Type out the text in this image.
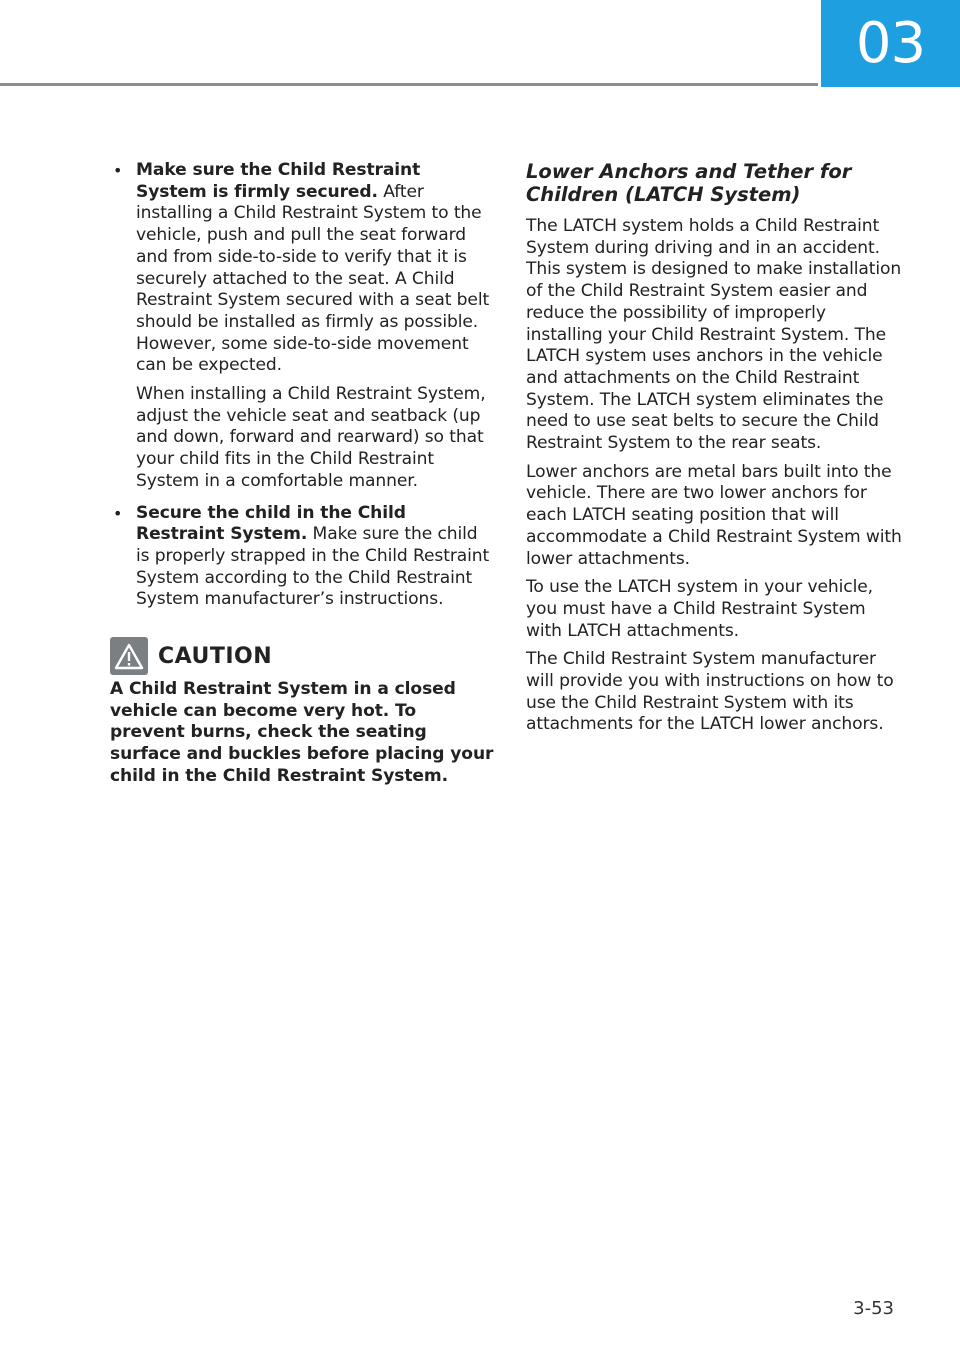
03
• Make sure the Child Restraint System is firmly secured. After installing a Child Restraint System to the vehicle, push and pull the seat forward and from side-to-side to verify that it is securely attached to the seat. A Child Restraint System secured with a seat belt should be installed as firmly as possible. However, some side-to-side movement can be expected.

When installing a Child Restraint System, adjust the vehicle seat and seatback (up and down, forward and rearward) so that your child fits in the Child Restraint System in a comfortable manner.

• Secure the child in the Child Restraint System. Make sure the child is properly strapped in the Child Restraint System according to the Child Restraint System manufacturer’s instructions.

CAUTION

A Child Restraint System in a closed vehicle can become very hot. To prevent burns, check the seating surface and buckles before placing your child in the Child Restraint System.

Lower Anchors and Tether for Children (LATCH System)

The LATCH system holds a Child Restraint System during driving and in an accident. This system is designed to make installation of the Child Restraint System easier and reduce the possibility of improperly installing your Child Restraint System. The LATCH system uses anchors in the vehicle and attachments on the Child Restraint System. The LATCH system eliminates the need to use seat belts to secure the Child Restraint System to the rear seats.

Lower anchors are metal bars built into the vehicle. There are two lower anchors for each LATCH seating position that will accommodate a Child Restraint System with lower attachments.

To use the LATCH system in your vehicle, you must have a Child Restraint System with LATCH attachments.

The Child Restraint System manufacturer will provide you with instructions on how to use the Child Restraint System with its attachments for the LATCH lower anchors.

3-53
